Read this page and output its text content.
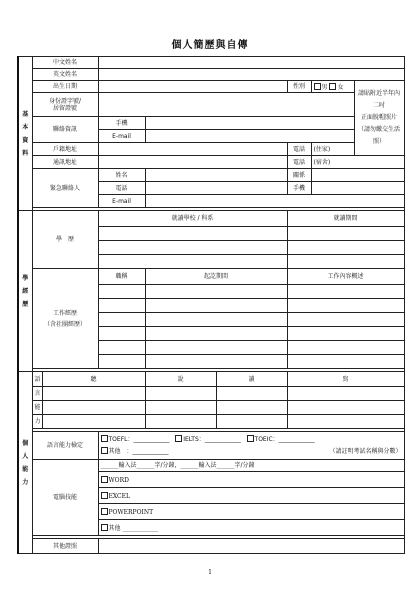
個人簡歷與自傳
基
本
資
料	中文姓名							
	英文姓名							
	出生日期					性別	男 女	請貼附近半年內二吋
正面脫帽照片
（請勿繳交生活照）

	身份證字號/
居留證號							

	聯絡資訊		手機					
			E-mail					
	戶籍地址					電話	(住家)	
	通訊地址					電話	(宿舍)	
	緊急聯絡人		姓名			關係		
			電話			手機		
			E-mail					

學
經
歷	學　歷		就讀學校 / 科系			就讀期間		

	工作經歷
（含社團經歷）		職稱	起訖期間		工作內容概述		

個
人
能
力	語	聽		說	讀	寫		
	言							
	能							
	力							

	語言能力檢定		TOEFL：____________ IELTS：____________ TOEIC：____________
其他　：____________ （請註明考試名稱與分數）					

	電腦技能		______輸入法______字/分鐘，______輸入法______字/分鐘					
			WORD					
			EXCEL					
			POWERPOINT					
			其他 ____________					

	其他證照							
1
